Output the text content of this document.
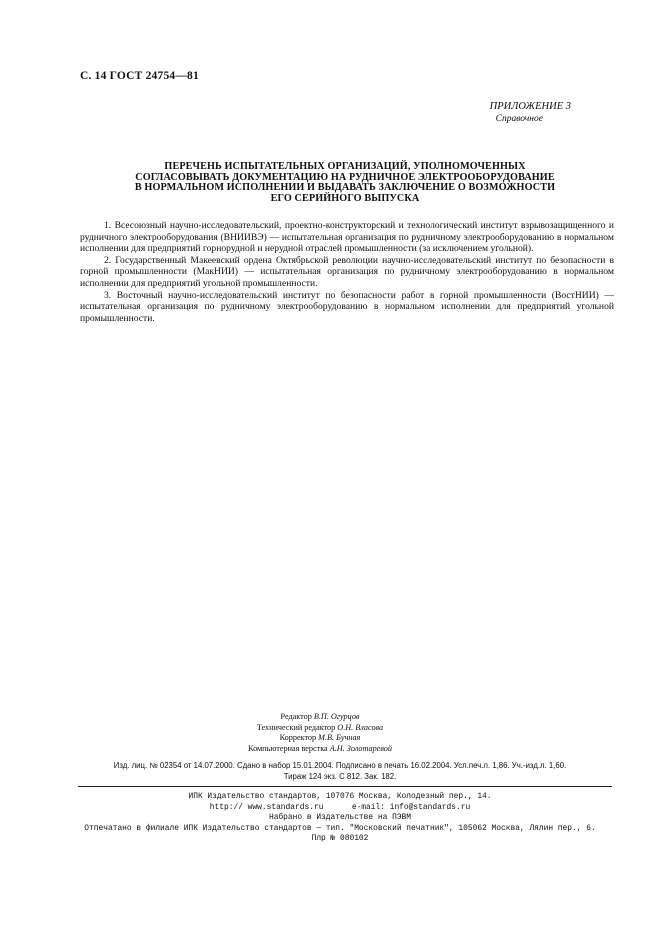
С. 14 ГОСТ 24754—81
ПРИЛОЖЕНИЕ 3
Справочное
ПЕРЕЧЕНЬ ИСПЫТАТЕЛЬНЫХ ОРГАНИЗАЦИЙ, УПОЛНОМОЧЕННЫХ
СОГЛАСОВЫВАТЬ ДОКУМЕНТАЦИЮ НА РУДНИЧНОЕ ЭЛЕКТРООБОРУДОВАНИЕ
В НОРМАЛЬНОМ ИСПОЛНЕНИИ И ВЫДАВАТЬ ЗАКЛЮЧЕНИЕ О ВОЗМОЖНОСТИ
ЕГО СЕРИЙНОГО ВЫПУСКА

1. Всесоюзный научно-исследовательский, проектно-конструкторский и технологический институт взрывозащищенного и рудничного электрооборудования (ВНИИВЭ) — испытательная организация по рудничному электрооборудованию в нормальном исполнении для предприятий горнорудной и нерудной отраслей промышленности (за исключением угольной).

2. Государственный Макеевский ордена Октябрьской революции научно-исследовательский институт по безопасности в горной промышленности (МакНИИ) — испытательная организация по рудничному электрооборудованию в нормальном исполнении для предприятий угольной промышленности.

3. Восточный научно-исследовательский институт по безопасности работ в горной промышленности (ВостНИИ) — испытательная организация по рудничному электрооборудованию в нормальном исполнении для предприятий угольной промышленности.

Редактор В.П. Огурцов
Технический редактор О.Н. Власова
Корректор М.В. Бучная
Компьютерная верстка А.Н. Золотаревой
Изд. лиц. № 02354 от 14.07.2000. Сдано в набор 15.01.2004. Подписано в печать 16.02.2004. Усл.печ.л. 1,86. Уч.-изд.л. 1,60.
Тираж 124 экз. С 812. Зак. 182.
ИПК Издательство стандартов, 107076 Москва, Колодезный пер., 14.
http:// www.standards.ru      e-mail: info@standards.ru
Набрано в Издательстве на ПЭВМ
Отпечатано в филиале ИПК Издательство стандартов — тип. "Московский печатник", 105062 Москва, Лялин пер., 6.
Плр № 080102
